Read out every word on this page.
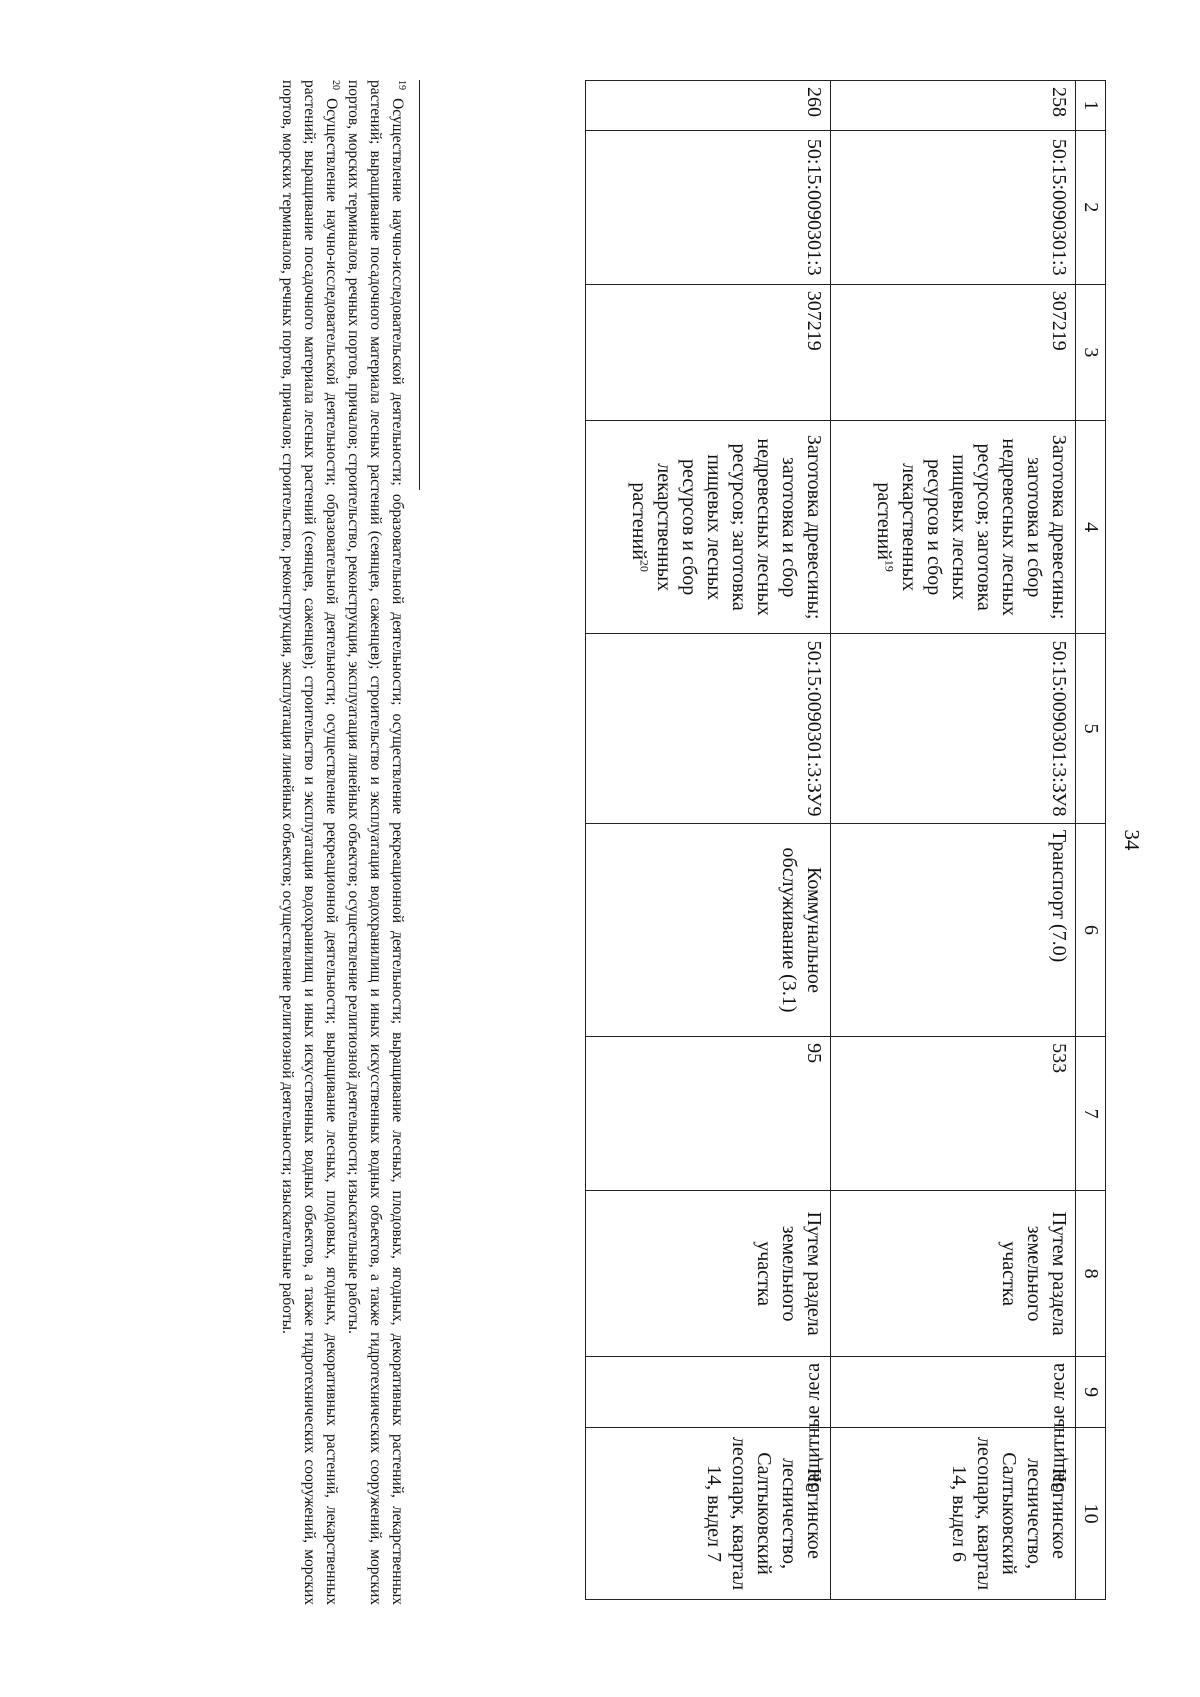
34
1	2	3	4	5	6	7	8	9	10
258	50:15:0090301:3	307219	Заготовка древесины; заготовка и сбор недревесных лесных ресурсов; заготовка пищевых лесных ресурсов и сбор лекарственных растений$^{19}$	50:15:0090301:3:ЗУ8	Транспорт (7.0)	533	Путем раздела земельного участка	Защитные леса	Ногинское лесничество, Салтыковский лесопарк, квартал 14, выдел 6
260	50:15:0090301:3	307219	Заготовка древесины; заготовка и сбор недревесных лесных ресурсов; заготовка пищевых лесных ресурсов и сбор лекарственных растений$^{20}$	50:15:0090301:3:ЗУ9	Коммунальное обслуживание (3.1)	95	Путем раздела земельного участка	Защитные леса	Ногинское лесничество, Салтыковский лесопарк, квартал 14, выдел 7

$^{19}$ Осуществление научно-исследовательской деятельности; образовательной деятельности; осуществление рекреационной деятельности; выращивание лесных, плодовых, ягодных, декоративных растений, лекарственных растений; выращивание посадочного материала лесных растений (сеянцев, саженцев); строительство и эксплуатация водохранилищ и иных искусственных водных объектов, а также гидротехнических сооружений, морских портов, морских терминалов, речных портов, причалов; строительство, реконструкция, эксплуатация линейных объектов; осуществление религиозной деятельности; изыскательные работы.

$^{20}$ Осуществление научно-исследовательской деятельности; образовательной деятельности; осуществление рекреационной деятельности; выращивание лесных, плодовых, ягодных, декоративных растений, лекарственных растений; выращивание посадочного материала лесных растений (сеянцев, саженцев); строительство и эксплуатация водохранилищ и иных искусственных водных объектов, а также гидротехнических сооружений, морских портов, морских терминалов, речных портов, причалов; строительство, реконструкция, эксплуатация линейных объектов; осуществление религиозной деятельности; изыскательные работы.
